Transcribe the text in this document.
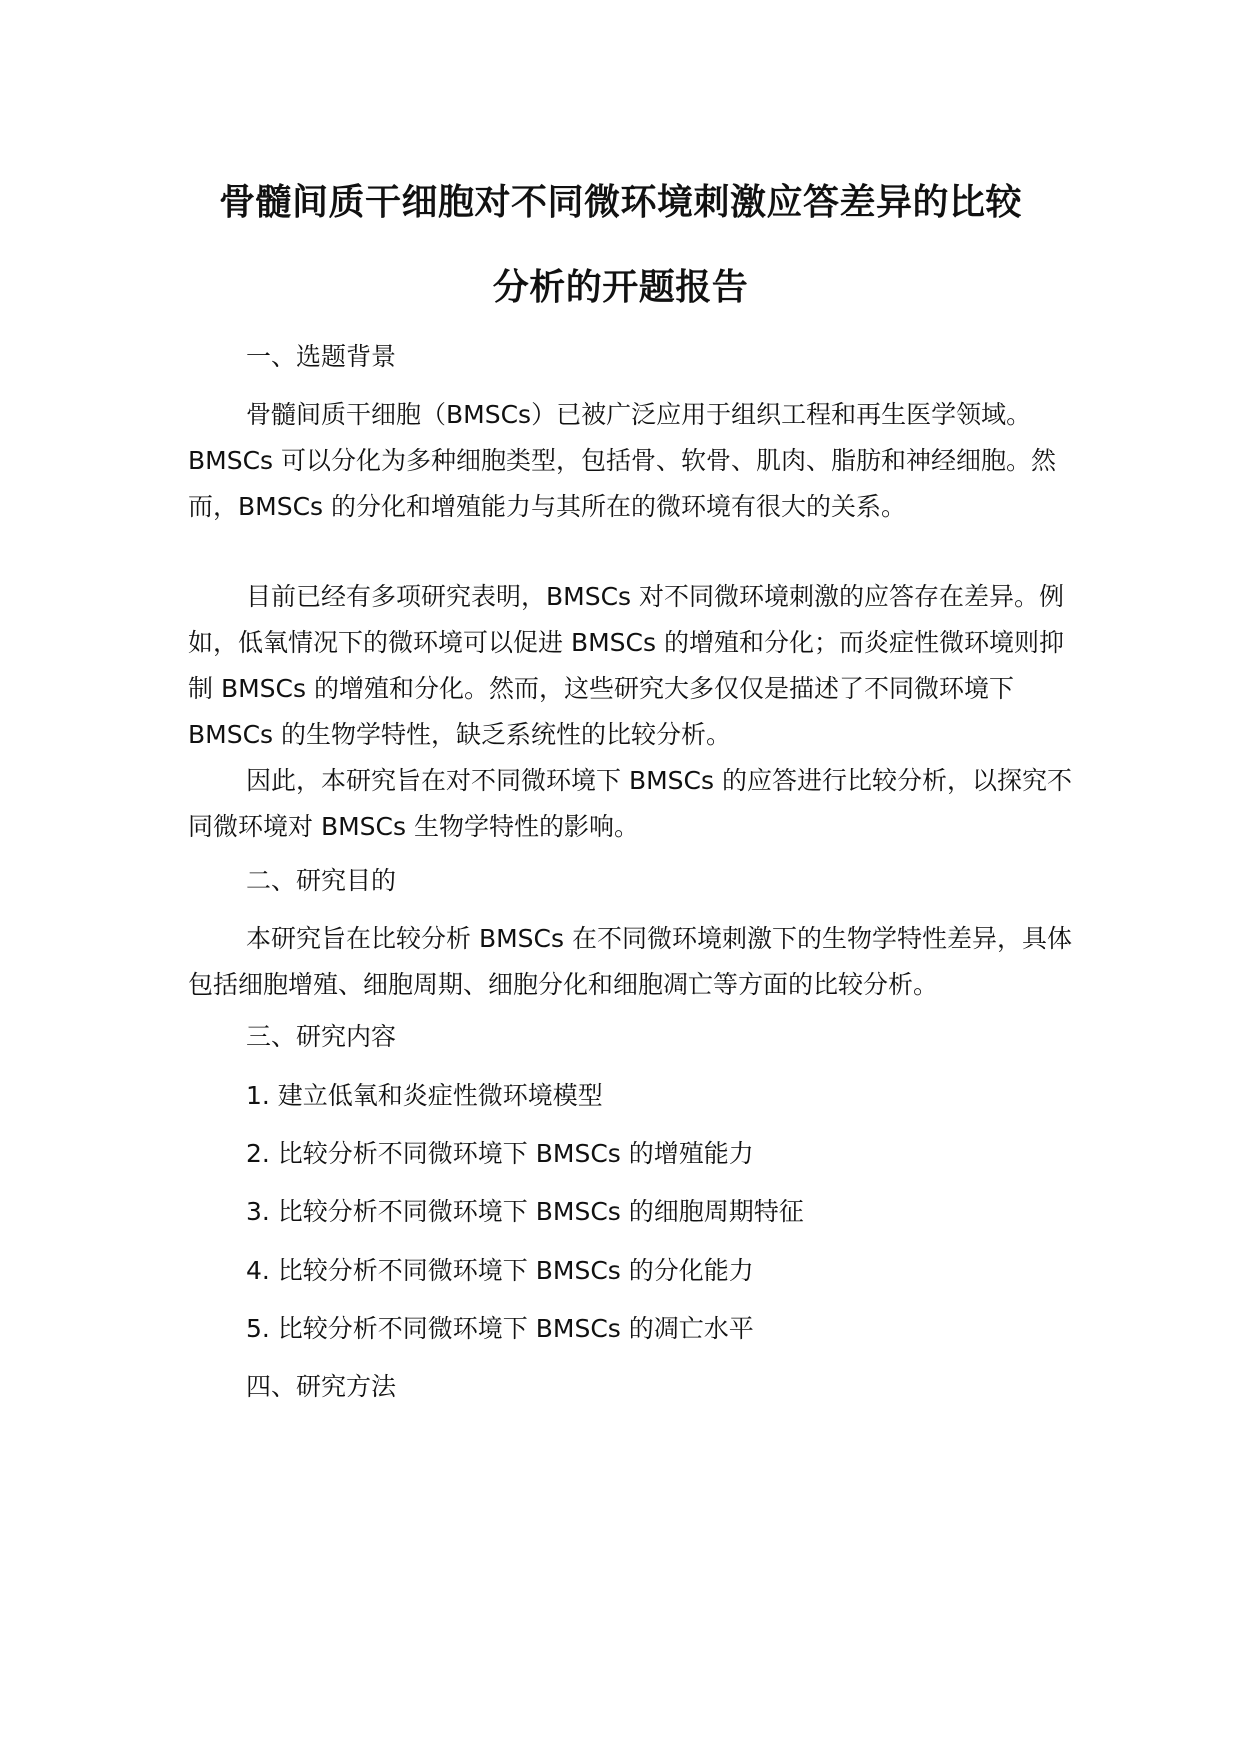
骨髓间质干细胞对不同微环境刺激应答差异的比较
分析的开题报告
一、选题背景

骨髓间质干细胞（BMSCs）已被广泛应用于组织工程和再生医学领域。BMSCs 可以分化为多种细胞类型，包括骨、软骨、肌肉、脂肪和神经细胞。然而，BMSCs 的分化和增殖能力与其所在的微环境有很大的关系。

目前已经有多项研究表明，BMSCs 对不同微环境刺激的应答存在差异。例如，低氧情况下的微环境可以促进 BMSCs 的增殖和分化；而炎症性微环境则抑制 BMSCs 的增殖和分化。然而，这些研究大多仅仅是描述了不同微环境下 BMSCs 的生物学特性，缺乏系统性的比较分析。

因此，本研究旨在对不同微环境下 BMSCs 的应答进行比较分析，以探究不同微环境对 BMSCs 生物学特性的影响。

二、研究目的

本研究旨在比较分析 BMSCs 在不同微环境刺激下的生物学特性差异，具体包括细胞增殖、细胞周期、细胞分化和细胞凋亡等方面的比较分析。

三、研究内容
1. 建立低氧和炎症性微环境模型
2. 比较分析不同微环境下 BMSCs 的增殖能力
3. 比较分析不同微环境下 BMSCs 的细胞周期特征
4. 比较分析不同微环境下 BMSCs 的分化能力
5. 比较分析不同微环境下 BMSCs 的凋亡水平
四、研究方法
